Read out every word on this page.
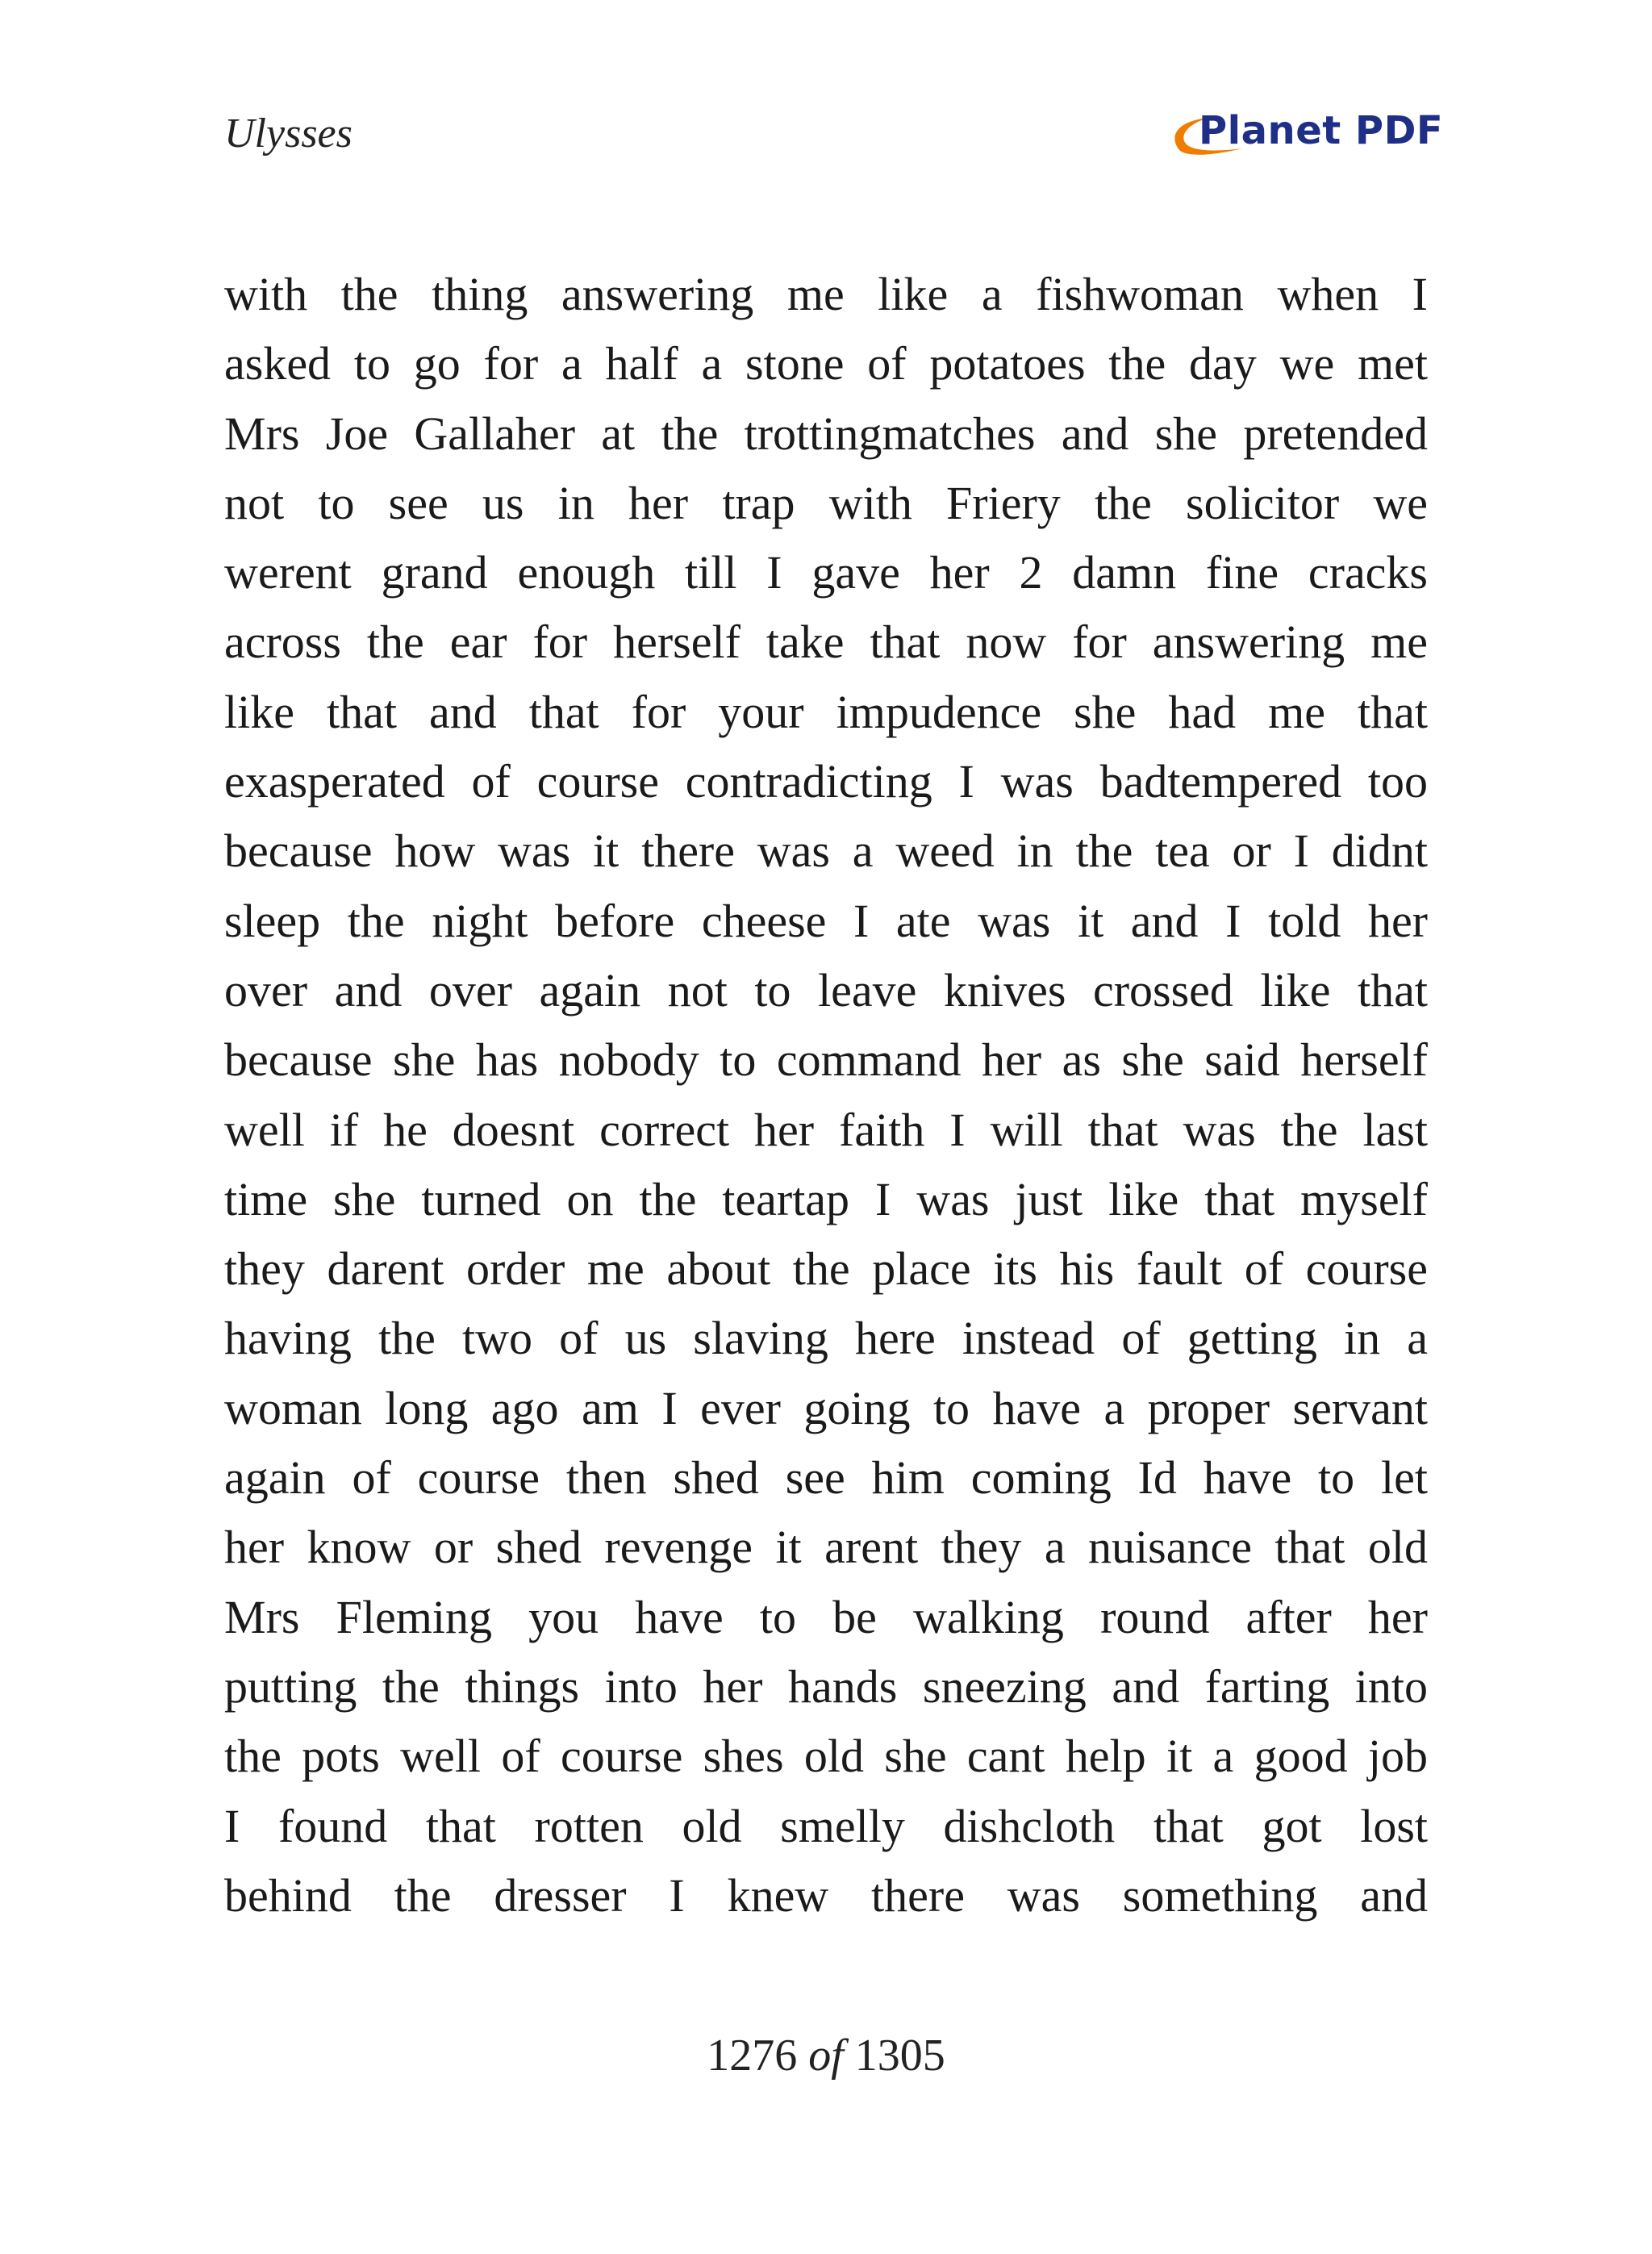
Ulysses	Planet PDF
with the thing answering me like a fishwoman when I
asked to go for a half a stone of potatoes the day we met
Mrs Joe Gallaher at the trottingmatches and she pretended
not to see us in her trap with Friery the solicitor we
werent grand enough till I gave her 2 damn fine cracks
across the ear for herself take that now for answering me
like that and that for your impudence she had me that
exasperated of course contradicting I was badtempered too
because how was it there was a weed in the tea or I didnt
sleep the night before cheese I ate was it and I told her
over and over again not to leave knives crossed like that
because she has nobody to command her as she said herself
well if he doesnt correct her faith I will that was the last
time she turned on the teartap I was just like that myself
they darent order me about the place its his fault of course
having the two of us slaving here instead of getting in a
woman long ago am I ever going to have a proper servant
again of course then shed see him coming Id have to let
her know or shed revenge it arent they a nuisance that old
Mrs Fleming you have to be walking round after her
putting the things into her hands sneezing and farting into
the pots well of course shes old she cant help it a good job
I found that rotten old smelly dishcloth that got lost
behind the dresser I knew there was something and
1276 of 1305
